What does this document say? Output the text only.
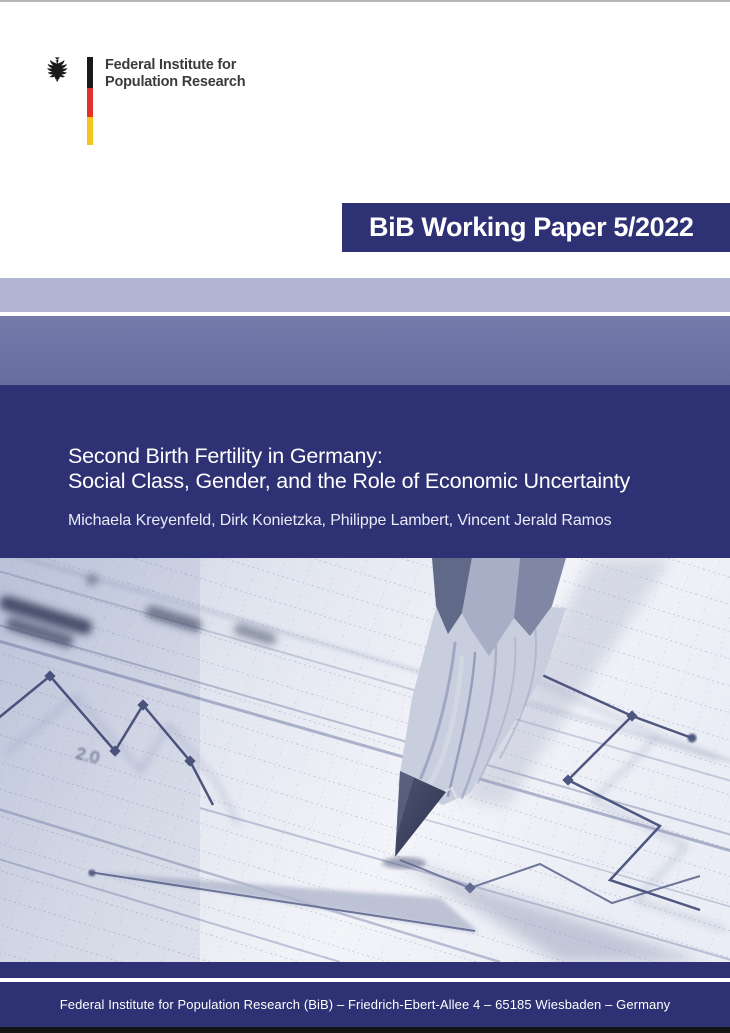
Federal Institute for
Population Research
BiB Working Paper 5/2022
Second Birth Fertility in Germany:
Social Class, Gender, and the Role of Economic Uncertainty
Michaela Kreyenfeld, Dirk Konietzka, Philippe Lambert, Vincent Jerald Ramos
Federal Institute for Population Research (BiB) – Friedrich-Ebert-Allee 4 – 65185 Wiesbaden – Germany
